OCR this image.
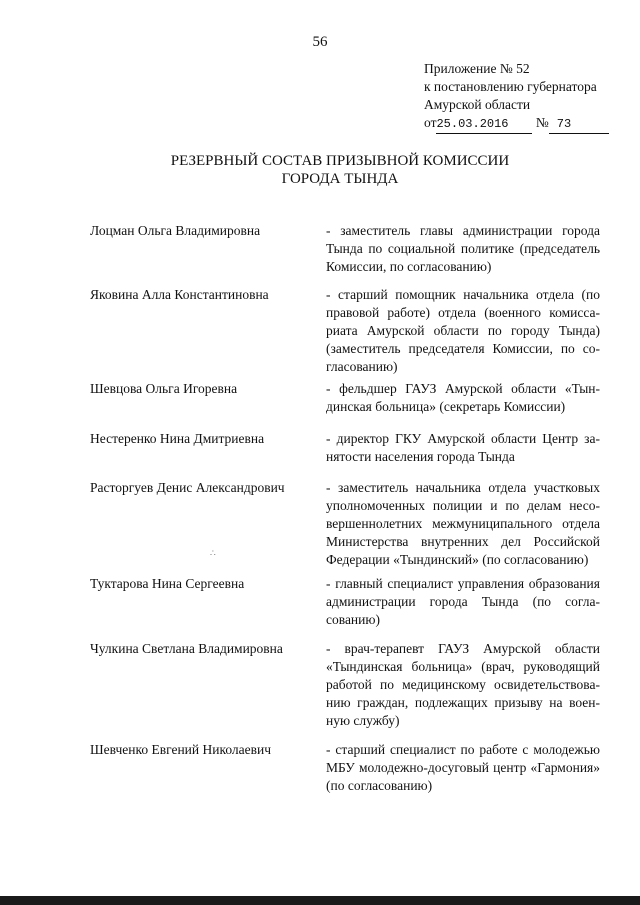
56
Приложение № 52
к постановлению губернатора
Амурской области
от25.03.2016 № 73
РЕЗЕРВНЫЙ СОСТАВ ПРИЗЫВНОЙ КОМИССИИ
ГОРОДА ТЫНДА
Лоцман Ольга Владимировна	- заместитель главы администрации города Тында по социальной политике (председатель Комиссии, по согласованию)
Яковина Алла Константиновна	- старший помощник начальника отдела (по правовой работе) отдела (военного комиссариата Амурской области по городу Тында) (заместитель председателя Комиссии, по согласованию)
Шевцова Ольга Игоревна	- фельдшер ГАУЗ Амурской области «Тындинская больница» (секретарь Комиссии)
Нестеренко Нина Дмитриевна	- директор ГКУ Амурской области Центр занятости населения города Тында
Расторгуев Денис Александрович	- заместитель начальника отдела участковых уполномоченных полиции и по делам несовершеннолетних межмуниципального отдела Министерства внутренних дел Российской Федерации «Тындинский» (по согласованию)
Туктарова Нина Сергеевна	- главный специалист управления образования администрации города Тында (по согласованию)
Чулкина Светлана Владимировна	- врач-терапевт ГАУЗ Амурской области «Тындинская больница» (врач, руководящий работой по медицинскому освидетельствованию граждан, подлежащих призыву на военную службу)
Шевченко Евгений Николаевич	- старший специалист по работе с молодежью МБУ молодежно-досуговый центр «Гармония» (по согласованию)
∴
